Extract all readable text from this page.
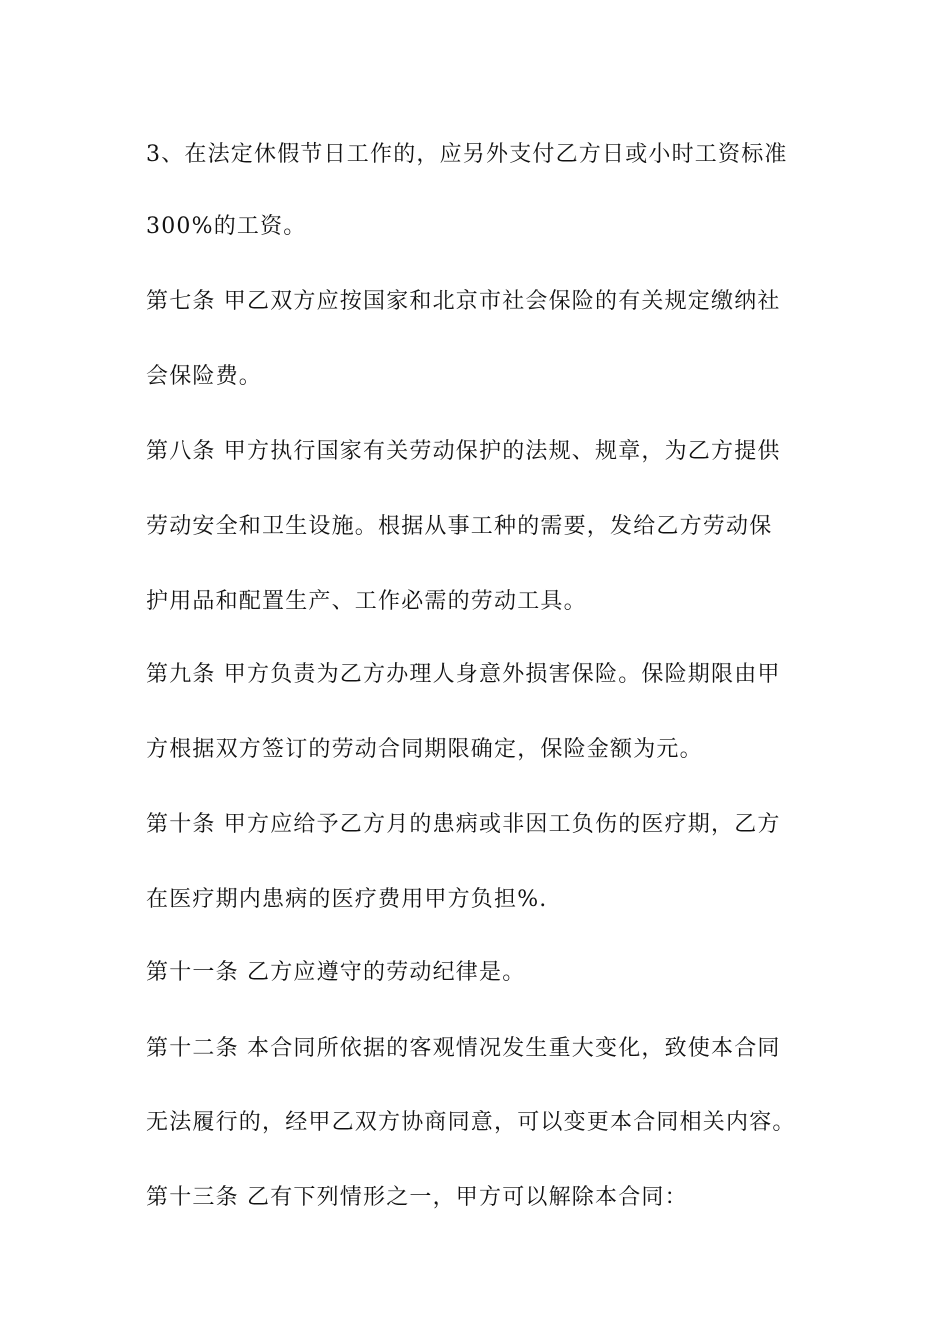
3、在法定休假节日工作的，应另外支付乙方日或小时工资标准

300%的工资。

第七条 甲乙双方应按国家和北京市社会保险的有关规定缴纳社

会保险费。

第八条 甲方执行国家有关劳动保护的法规、规章，为乙方提供

劳动安全和卫生设施。根据从事工种的需要，发给乙方劳动保

护用品和配置生产、工作必需的劳动工具。

第九条 甲方负责为乙方办理人身意外损害保险。保险期限由甲

方根据双方签订的劳动合同期限确定，保险金额为元。

第十条 甲方应给予乙方月的患病或非因工负伤的医疗期，乙方

在医疗期内患病的医疗费用甲方负担%.

第十一条 乙方应遵守的劳动纪律是。

第十二条 本合同所依据的客观情况发生重大变化，致使本合同

无法履行的，经甲乙双方协商同意，可以变更本合同相关内容。

第十三条 乙有下列情形之一，甲方可以解除本合同：
